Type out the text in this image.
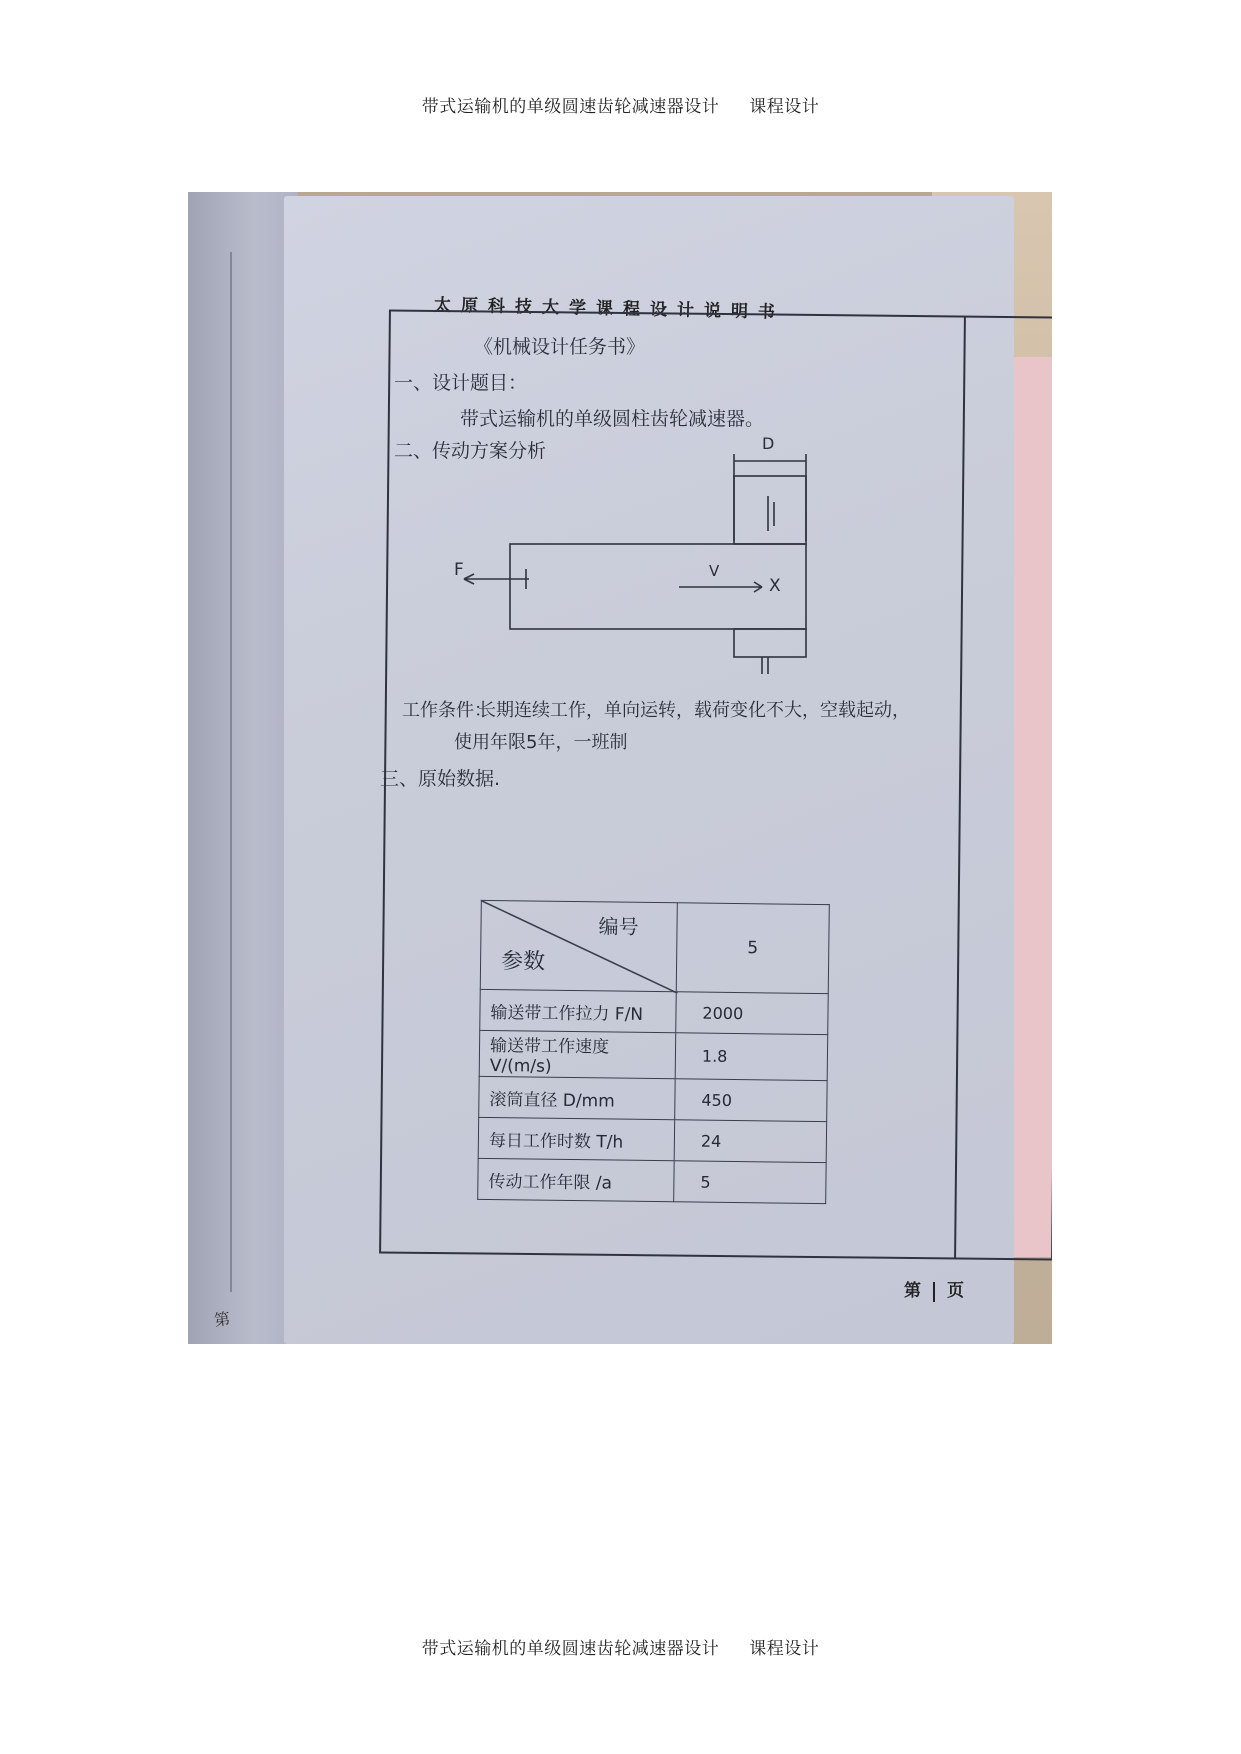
带式运输机的单级圆速齿轮减速器设计 课程设计
第
太原科技大学课程设计说明书
《机械设计任务书》
一、设计题目：
带式运输机的单级圆柱齿轮减速器。
二、传动方案分析	D
F	V
X
工作条件：
长期连续工作，单向运转，载荷变化不大，空载起动，
使用年限5年，一班制
三、原始数据.
编号
参数	5
输送带工作拉力 F/N	2000
输送带工作速度 V/(m/s)	1.8
滚筒直径 D/mm	450
每日工作时数 T/h	24
传动工作年限 /a	5
第 页
带式运输机的单级圆速齿轮减速器设计 课程设计
